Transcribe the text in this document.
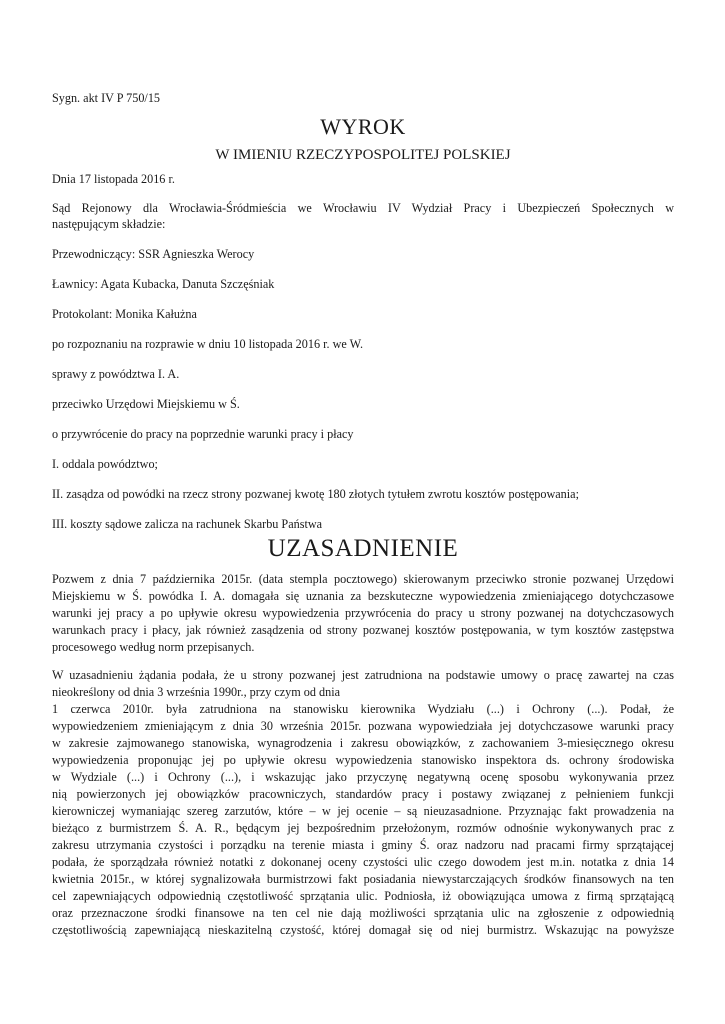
Sygn. akt IV P 750/15
WYROK
W IMIENIU RZECZYPOSPOLITEJ POLSKIEJ
Dnia 17 listopada 2016 r.
Sąd Rejonowy dla Wrocławia-Śródmieścia we Wrocławiu IV Wydział Pracy i Ubezpieczeń Społecznych w
następującym składzie:
Przewodniczący: SSR Agnieszka Werocy
Ławnicy: Agata Kubacka, Danuta Szczęśniak
Protokolant: Monika Kałużna
po rozpoznaniu na rozprawie w dniu 10 listopada 2016 r. we W.
sprawy z powództwa I. A.
przeciwko Urzędowi Miejskiemu w Ś.
o przywrócenie do pracy na poprzednie warunki pracy i płacy
I. oddala powództwo;
II. zasądza od powódki na rzecz strony pozwanej kwotę 180 złotych tytułem zwrotu kosztów postępowania;
III. koszty sądowe zalicza na rachunek Skarbu Państwa
UZASADNIENIE
Pozwem z dnia 7 października 2015r. (data stempla pocztowego) skierowanym przeciwko stronie pozwanej Urzędowi
Miejskiemu w Ś. powódka I. A. domagała się uznania za bezskuteczne wypowiedzenia zmieniającego dotychczasowe
warunki jej pracy a po upływie okresu wypowiedzenia przywrócenia do pracy u strony pozwanej na dotychczasowych
warunkach pracy i płacy, jak również zasądzenia od strony pozwanej kosztów postępowania, w tym kosztów zastępstwa
procesowego według norm przepisanych.
W uzasadnieniu żądania podała, że u strony pozwanej jest zatrudniona na podstawie umowy o pracę zawartej na czas
nieokreślony od dnia 3 września 1990r., przy czym od dnia
1 czerwca 2010r. była zatrudniona na stanowisku kierownika Wydziału (...) i Ochrony (...). Podał, że
wypowiedzeniem zmieniającym z dnia 30 września 2015r. pozwana wypowiedziała jej dotychczasowe warunki pracy
w zakresie zajmowanego stanowiska, wynagrodzenia i zakresu obowiązków, z zachowaniem 3-miesięcznego okresu
wypowiedzenia proponując jej po upływie okresu wypowiedzenia stanowisko inspektora ds. ochrony środowiska
w Wydziale (...) i Ochrony (...), i wskazując jako przyczynę negatywną ocenę sposobu wykonywania przez
nią powierzonych jej obowiązków pracowniczych, standardów pracy i postawy związanej z pełnieniem funkcji
kierowniczej wymaniając szereg zarzutów, które – w jej ocenie – są nieuzasadnione. Przyznając fakt prowadzenia na
bieżąco z burmistrzem Ś. A. R., będącym jej bezpośrednim przełożonym, rozmów odnośnie wykonywanych prac z
zakresu utrzymania czystości i porządku na terenie miasta i gminy Ś. oraz nadzoru nad pracami firmy sprzątającej
podała, że sporządzała również notatki z dokonanej oceny czystości ulic czego dowodem jest m.in. notatka z dnia 14
kwietnia 2015r., w której sygnalizowała burmistrzowi fakt posiadania niewystarczających środków finansowych na ten
cel zapewniających odpowiednią częstotliwość sprzątania ulic. Podniosła, iż obowiązująca umowa z firmą sprzątającą
oraz przeznaczone środki finansowe na ten cel nie dają możliwości sprzątania ulic na zgłoszenie z odpowiednią
częstotliwością zapewniającą nieskazitelną czystość, której domagał się od niej burmistrz. Wskazując na powyższe
